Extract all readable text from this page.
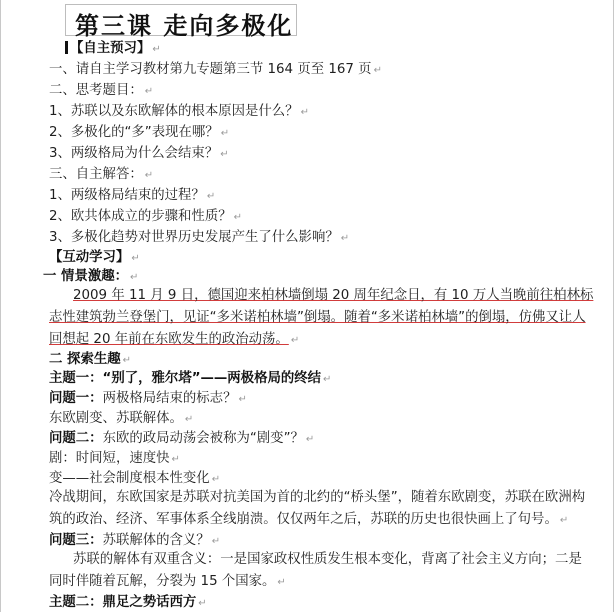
第三课 走向多极化
【自主预习】 ↵
一、请自主学习教材第九专题第三节 164 页至 167 页 ↵
二、思考题目： ↵
1、苏联以及东欧解体的根本原因是什么？ ↵
2、多极化的“多”表现在哪？ ↵
3、两级格局为什么会结束？ ↵
三、自主解答： ↵
1、两级格局结束的过程？ ↵
2、欧共体成立的步骤和性质？ ↵
3、多极化趋势对世界历史发展产生了什么影响？ ↵
【互动学习】 ↵
一 情景激趣： ↵
2009 年 11 月 9 日，德国迎来柏林墙倒塌 20 周年纪念日，有 10 万人当晚前往柏林标志性建筑勃兰登堡门，见证“多米诺柏林墙”倒塌。随着“多米诺柏林墙”的倒塌，仿佛又让人回想起 20 年前在东欧发生的政治动荡。 ↵
二 探索生趣 ↵
主题一：“别了，雅尔塔”——两极格局的终结 ↵
问题一：两极格局结束的标志？ ↵
东欧剧变、苏联解体。 ↵
问题二：东欧的政局动荡会被称为“剧变”？ ↵
剧：时间短，速度快 ↵
变——社会制度根本性变化 ↵
冷战期间，东欧国家是苏联对抗美国为首的北约的“桥头堡”，随着东欧剧变，苏联在欧洲构筑的政治、经济、军事体系全线崩溃。仅仅两年之后，苏联的历史也很快画上了句号。 ↵
问题三：苏联解体的含义？ ↵
苏联的解体有双重含义：一是国家政权性质发生根本变化，背离了社会主义方向；二是同时伴随着瓦解，分裂为 15 个国家。 ↵
主题二：鼎足之势话西方 ↵
